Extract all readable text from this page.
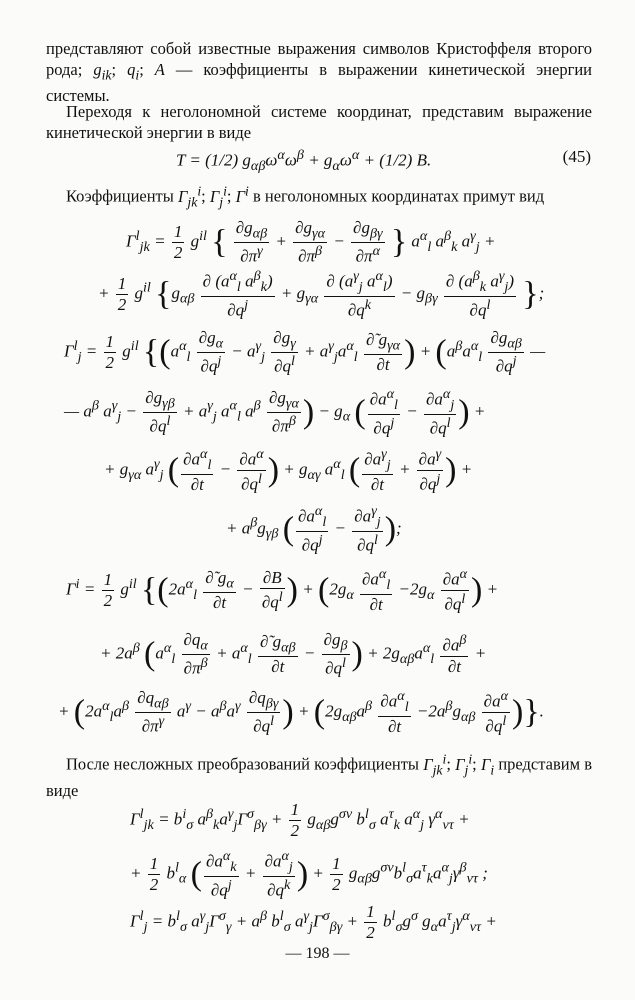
представляют собой известные выражения символов Кристоффеля второго рода; $g_{ik}$; $q_i$; A — коэффициенты в выражении кинетической энергии системы.

Переходя к неголономной системе координат, представим выражение кинетической энергии в виде

T = (1/2) $g_{\alpha\beta}\omega^\alpha\omega^\beta + g_\alpha\omega^\alpha + (1/2)$ B.	(45)

Коэффициенты $\Gamma_{jk}^i$; $\Gamma_j^i$; $\Gamma^i$ в неголономных координатах примут вид

$\Gamma^l_{jk} = \frac{1}{2} g^{il}$ { $\frac{\partial g_{\alpha\beta}}{\partial\pi^\gamma} + \frac{\partial g_{\gamma\alpha}}{\partial\pi^\beta} - \frac{\partial g_{\beta\gamma}}{\partial\pi^\alpha}$ } $a^\alpha_l$ $a^\beta_k$ $a^\gamma_j$ +
+ $\frac{1}{2} g^{il}$ {$g_{\alpha\beta} \frac{\partial (a^\alpha_l a^\beta_k)}{\partial q^j} + g_{\gamma\alpha} \frac{\partial (a^\gamma_j a^\alpha_l)}{\partial q^k} - g_{\beta\gamma} \frac{\partial (a^\beta_k a^\gamma_j)}{\partial q^l}$ };
$\Gamma^l_j = \frac{1}{2} g^{il}$ {($a^\alpha_l \frac{\partial g_\alpha}{\partial q^j} - a^\gamma_j \frac{\partial g_\gamma}{\partial q^l} + a^\gamma_ja^\alpha_l \frac{\partial̃ g_{\gamma\alpha}}{\partial t}$ ) + ($a^\beta a^\alpha_l \frac{\partial g_{\alpha\beta}}{\partial q^j}$ —
— $a^\beta$ $a^\gamma_j - \frac{\partial g_{\gamma\beta}}{\partial q^l} + a^\gamma_j$ $a^\alpha_l$ $a^\beta \frac{\partial g_{\gamma\alpha}}{\partial\pi^\beta}$ ) − $g_\alpha$ ( $\frac{\partial a^\alpha_l}{\partial q^j} - \frac{\partial a^\alpha_j}{\partial q^l}$ ) +
+ $g_{\gamma\alpha}$ $a^\gamma_j$ ( $\frac{\partial a^\alpha_l}{\partial t} - \frac{\partial a^\alpha}{\partial q^l}$ ) + $g_{\alpha\gamma}$ $a^\alpha_l$ ( $\frac{\partial a^\gamma_j}{\partial t} + \frac{\partial a^\gamma}{\partial q^j}$ ) +
+ $a^\beta g_{\gamma\beta}$ ( $\frac{\partial a^\alpha_l}{\partial q^j} - \frac{\partial a^\gamma_j}{\partial q^l}$ );
$\Gamma^i = \frac{1}{2} g^{il}$ {($2a^\alpha_l \frac{\partial̃ g_\alpha}{\partial t} - \frac{\partial B}{\partial q^l}$ ) + ($2g_\alpha \frac{\partial a^\alpha_l}{\partial t} -2g_\alpha \frac{\partial a^\alpha}{\partial q^l}$ ) +
+ $2a^\beta$ ($a^\alpha_l \frac{\partial q_\alpha}{\partial\pi^\beta} + a^\alpha_l \frac{\partial̃ g_{\alpha\beta}}{\partial t} - \frac{\partial g_\beta}{\partial q^l}$ ) + $2g_{\alpha\beta}a^\alpha_l \frac{\partial a^\beta}{\partial t}$ +
+ ($2a^\alpha_la^\beta \frac{\partial q_{\alpha\beta}}{\partial\pi^\gamma} a^\gamma - a^\beta a^\gamma \frac{\partial q_{\beta\gamma}}{\partial q^l}$ ) + ($2g_{\alpha\beta}a^\beta \frac{\partial a^\alpha_l}{\partial t} -2a^\beta g_{\alpha\beta} \frac{\partial a^\alpha}{\partial q^l}$ )}.

После несложных преобразований коэффициенты $\Gamma_{jk}^i$; $\Gamma_j^i$; $\Gamma_i$ представим в виде

$\Gamma^l_{jk} = b^i_\sigma$ $a^\beta_ka^\gamma_j\Gamma^\sigma_{\beta\gamma} + \frac{1}{2} g_{\alpha\beta}g^{\sigma\nu}$ $b^l_\sigma$ $a^\tau_k$ $a^\alpha_j$ $\gamma^\alpha_{\nu\tau}$ +
+ $\frac{1}{2} b^l_\alpha$ ( $\frac{\partial a^\alpha_k}{\partial q^j} + \frac{\partial a^\alpha_j}{\partial q^k}$ ) + $\frac{1}{2} g_{\alpha\beta}g^{\sigma\nu}b^l_\sigma a^\tau_ka^\alpha_j\gamma^\beta_{\nu\tau}$ ;
$\Gamma^l_j = b^l_\sigma$ $a^\gamma_j\Gamma^\sigma_\gamma + a^\beta$ $b^l_\sigma$ $a^\gamma_j\Gamma^\sigma_{\beta\gamma} + \frac{1}{2} b^l_\sigma g^\sigma$ $g_\alpha a^\tau_j\gamma^\alpha_{\nu\tau}$ +
— 198 —
